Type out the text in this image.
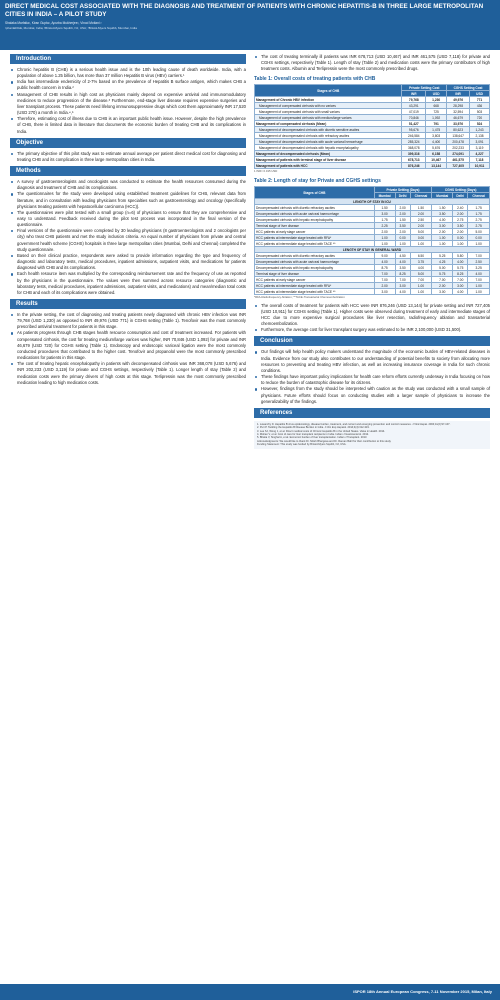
DIRECT MEDICAL COST ASSOCIATED WITH THE DIAGNOSIS AND TREATMENT OF PATIENTS WITH CHRONIC HEPATITIS-B IN THREE LARGE METROPOLITAN CITIES IN INDIA – A PILOT STUDY
Shalaka Marfatia¹, Kiran Gupta¹, Apurba Mukherjee¹, Vinod Motiani ²
¹phamEDGE, Mumbai, India; ²Bristol-Myers Squibb, NJ, USA; ³Bristol-Myers Squibb, Mumbai, India
Introduction
Chronic hepatitis B (CHB) is a serious health issue and is the 10th leading cause of death worldwide. India, with a population of above 1.25 billion, has more than 37 million Hepatitis B virus (HBV) carriers.¹
India has intermediate endemicity of 2-7% based on the prevalence of Hepatitis B surface antigen, which makes CHB a public health concern in India.²
Management of CHB results in high cost as physicians mainly depend on expensive antiviral and immunomodulatory medicines to reduce progression of the disease.³ Furthermore, end-stage liver disease requires expensive surgeries and liver transplant process. These patients need lifelong immunosuppressive drugs which cost them approximately INR 17,520 (USD 270) a month in India.⁴,⁵
Therefore, estimating cost of illness due to CHB is an important public health issue. However, despite the high prevalence of CHB, there is limited data in literature that documents the economic burden of treating CHB and its complications in India.
Objective
The primary objective of this pilot study was to estimate annual average per patient direct medical cost for diagnosing and treating CHB and its complication in three large metropolitan cities in India.
Methods
A survey of gastroenterologists and oncologists was conducted to estimate the health resources consumed during the diagnosis and treatment of CHB and its complications.
The questionnaires for the study were developed using established treatment guidelines for CHB, relevant data from literature, and in consultation with leading physicians from specialties such as gastroenterology and oncology (specifically physicians treating patients with hepatocellular carcinoma (HCC)).
The questionnaires were pilot tested with a small group (n=6) of physicians to ensure that they are comprehensive and easy to understand. Feedback received during the pilot test process was incorporated in the final version of the questionnaire.
Final versions of the questionnaire were completed by 30 leading physicians (8 gastroenterologists and 2 oncologists per city) who treat CHB patients and met the study inclusion criteria. An equal number of physicians from private and central government health scheme (CGHS) hospitals in three large metropolitan cities (Mumbai, Delhi and Chennai) completed the study questionnaire.
Based on their clinical practice, respondents were asked to provide information regarding the type and frequency of diagnostic and laboratory tests, medical procedures, inpatient admissions, outpatient visits, and medications for patients diagnosed with CHB and its complications.
Each health resource item was multiplied by the corresponding reimbursement rate and the frequency of use as reported by the physicians in the questionnaire. The values were then summed across resource categories (diagnostic and laboratory tests, medical procedures, inpatient admissions, outpatient visits, and medications) and mean/median total costs for CHB and each of its complications were obtained.
Results
In the private setting, the cost of diagnosing and treating patients newly diagnosed with chronic HBV infection was INR 79,768 (USD 1,230) as opposed to INR 49,976 (USD 771) in CGHS setting (Table 1). Tenofovir was the most commonly prescribed antiviral treatment for patients in this stage.
As patients progress through CHB stages health resource consumption and cost of treatment increased. For patients with compensated cirrhosis, the cost for treating medium/large varices was higher, INR 70,846 (USD 1,092) for private and INR 46,679 (USD 720) for CGHS setting (Table 1). Endoscopy and endoscopic variceal ligation were the most commonly conducted procedures that contributed to the higher cost. Tenofovir and propanolol were the most commonly prescribed medications for patients in this stage.
The cost of treating hepatic encephalopathy in patients with decompensated cirrhosis was INR 368,078 (USD 5,676) and INR 202,233 (USD 3,119) for private and CGHS settings, respectively (Table 1). Longer length of stay (Table 2) and medication costs were the primary drivers of high costs at this stage. Terlipressin was the most commonly prescribed medication leading to high medication costs.
The cost of treating terminally ill patients was INR 678,713 (USD 10,467) and INR 461,575 (USD 7,118) for private and CGHS settings, respectively (Table 1). Length of stay (Table 2) and medication costs were the primary contributors of high treatment costs. Albumin and Terlipressin were the most commonly prescribed drugs.
Table 1: Overall costs of treating patients with CHB
Stages of CHB	Private Setting Cost		CGHS Setting Cost	
	INR	USD	INR	USD
Management of Chronic HBV infection	79,768	1,230	49,976	771
Management of compensated cirrhosis with no varices	43,291	668	28,298	436
Management of compensated cirrhosis with small varices	47,019	725	32,594	503
Management of compensated cirrhosis with medium/large varices	70,846	1,092	46,679	720
Management of compensated cirrhosis (Mean)	51,427	791	33,976	524
Management of decompensated cirrhosis with diuretic sensitive ascites	95,676	1,475	80,623	1,243
Management of decompensated cirrhosis with refractory ascites	246,584	3,803	138,647	2,138
Management of decompensated cirrhosis with acute variceal hemorrhage	285,324	4,400	200,478	3,091
Management of decompensated cirrhosis with hepatic encephalopathy	368,078	5,676	202,233	3,119
Management of decompensated cirrhosis (Mean)	399,316	6,158	274,091	4,227
Management of patients with terminal stage of liver disease	678,713	10,467	461,575	7,118
Management of patients with HCC	876,246	13,144	727,405	10,911
1 INR= 0.015 USD
Table 2: Length of stay for Private and CGHS settings
Stages of CHB	Private Setting (Days)			CGHS Setting (Days)		
	Mumbai	Delhi	Chennai	Mumbai	Delhi	Chennai
LENGTH OF STAY IN ICU						
Decompensated cirrhosis with diuretic refractory ascites	1.50	2.00	1.50	1.50	2.40	1.75
Decompensated cirrhosis with acute variceal haemorrhage	3.00	2.00	2.00	3.50	2.00	1.75
Decompensated cirrhosis with hepatic encephalopathy	1.75	1.50	2.50	4.00	2.75	2.75
Terminal stage of liver disease	2.25	3.50	2.00	3.00	3.50	2.75
HCC patients at early stage cancer	2.00	2.00	5.00	2.00	2.00	5.00
HCC patients at intermediate stage treated with RFA*	1.00	0.00	0.00	1.00	0.00	0.00
HCC patients at intermediate stage treated with TACE **	1.00	1.00	1.00	1.00	1.00	1.00
LENGTH OF STAY IN GENERAL WARD						
Decompensated cirrhosis with diuretic refractory ascites	9.00	4.50	6.50	5.25	5.80	7.00
Decompensated cirrhosis with acute variceal haemorrhage	4.00	4.00	3.75	4.25	4.00	2.50
Decompensated cirrhosis with hepatic encephalopathy	8.75	3.50	4.00	5.00	5.75	3.25
Terminal stage of liver disease	7.00	8.25	5.00	5.75	8.25	4.00
HCC patients at early stage cancer	7.00	7.00	7.00	7.00	7.00	7.00
HCC patients at intermediate stage treated with RFA*	2.00	3.00	1.00	2.00	3.00	1.00
HCC patients at intermediate stage treated with TACE **	3.00	4.00	1.00	3.00	4.00	1.00
*RFA-Radiofrequency Ablation; **TACE-Transarterial Chemoembolization
The overall costs of treatment for patients with HCC were INR 876,246 (USD 13,144) for private setting and INR 727,405 (USD 10,911) for CGHS setting (Table 1). Higher costs were observed during treatment of early and intermediate stages of HCC due to more expensive surgical procedures like liver resection, radiofrequency ablation and transarterial chemoembolization.
Furthermore, the average cost for liver transplant surgery was estimated to be INR 2,100,000 (USD 31,500).
Conclusion
Our findings will help health policy makers understand the magnitude of the economic burden of HBV-related diseases in India. Evidence from our study also contributes to our understanding of potential benefits to society from allocating more resources to preventing and treating HBV infection, as well as increasing insurance coverage in India for such chronic conditions.
These findings have important policy implications for health care reform efforts currently underway in India focusing on how to reduce the burden of catastrophic disease for its citizens.
However, findings from the study should be interpreted with caution as the study was conducted with a small sample of physicians. Future efforts should focus on conducting studies with a larger sample of physicians to increase the generalizability of the findings.
References

1. Lavanchy D. Hepatitis B virus epidemiology, disease burden, treatment, and current and emerging prevention and control measures. J Viral Hepat. 2004;11(2):97-107.

2. Puri P. Tackling the Hepatitis B Disease Burden in India. J Clin Exp Hepatol. 2014;4(4):312-319.

3. Lee SJ, Wong J, et al. Direct medical costs of Chronic Hepatitis B in the United States. Value in Health. 2014.

4. Mohan V, et al. Cost of care for liver transplant recipients in India. Indian J Gastroenterol. 2012.

5. Bhatia V, Singhal A, et al. Economic burden of liver transplantation. Indian J Transplant. 2013.

Acknowledgments: We would like to thank Dr. Nitish Bhargava and Dr. Raman Bahl for their contribution to this study.

Funding Statement: This study was funded by Bristol-Myers Squibb, NJ, USA.

ISPOR 18th Annual European Congress, 7-11 November 2015, Milan, Italy
